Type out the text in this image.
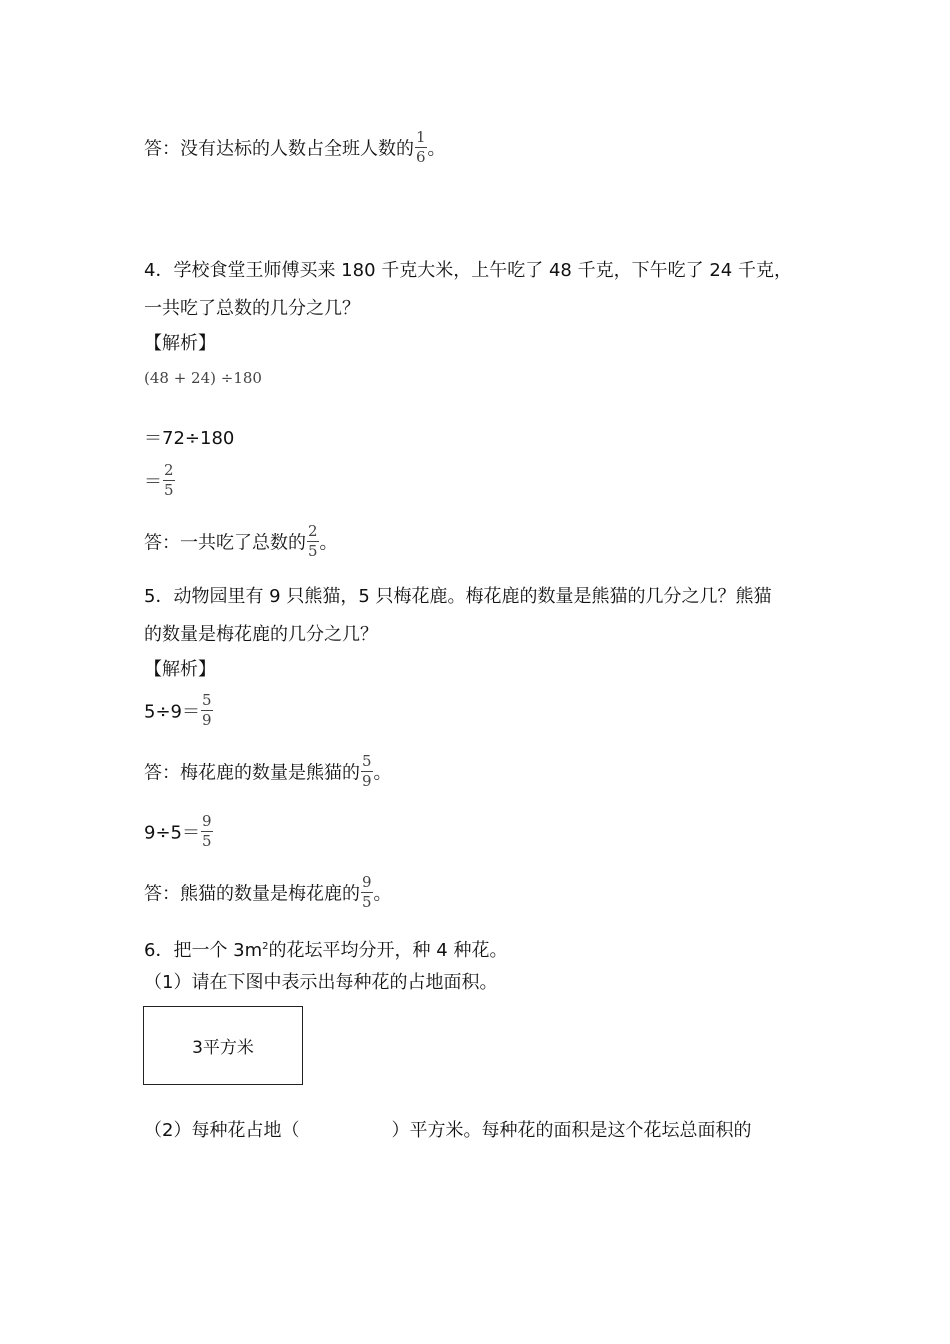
答：没有达标的人数占全班人数的 $\frac{1}{6}$ 。
4．学校食堂王师傅买来 180 千克大米，上午吃了 48 千克，下午吃了 24 千克，
一共吃了总数的几分之几？
【解析】
(48 + 24) ÷180
＝72÷180
＝ $\frac{2}{5}$
答：一共吃了总数的 $\frac{2}{5}$ 。
5．动物园里有 9 只熊猫，5 只梅花鹿。梅花鹿的数量是熊猫的几分之几？熊猫
的数量是梅花鹿的几分之几？
【解析】
$5\div 9= \frac{5}{9}$
答：梅花鹿的数量是熊猫的 $\frac{5}{9}$ 。
$9\div 5= \frac{9}{5}$
答：熊猫的数量是梅花鹿的 $\frac{9}{5}$ 。
6．把一个 $3m^2$的花坛平均分开，种 4 种花。
（1）请在下图中表示出每种花的占地面积。
3平方米
（2）每种花占地（	）平方米。每种花的面积是这个花坛总面积的
